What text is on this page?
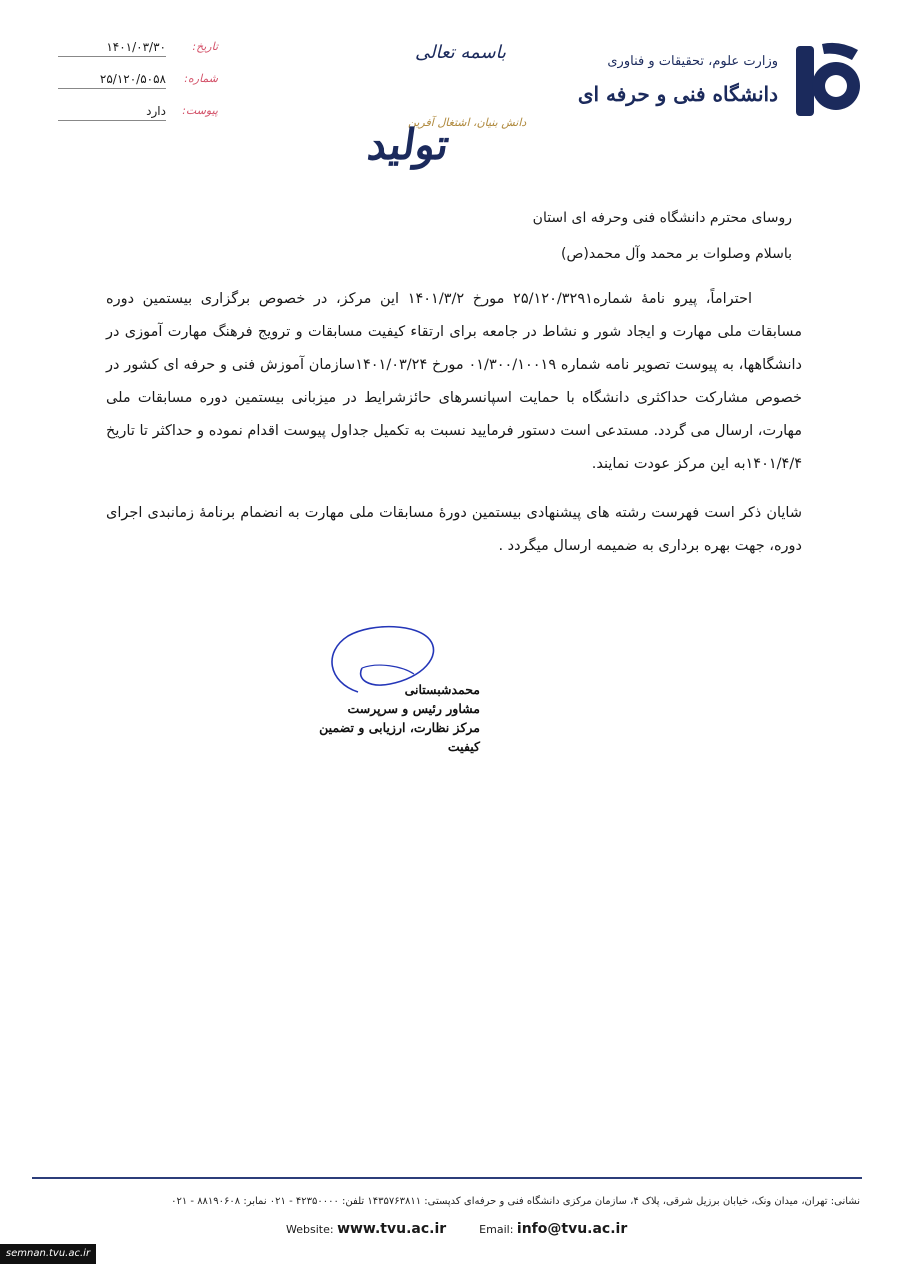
تاریخ:
۱۴۰۱/۰۳/۳۰
شماره:
۲۵/۱۲۰/۵۰۵۸
پیوست:
دارد
باسمه تعالی
دانش بنیان، اشتغال آفرین
تولید
وزارت علوم، تحقیقات و فناوری
دانشگاه فنی و حرفه ای
روسای محترم دانشگاه فنی وحرفه ای استان
باسلام وصلوات بر محمد وآل محمد(ص)

احتراماً، پیرو نامهٔ شماره۲۵/۱۲۰/۳۲۹۱ مورخ ۱۴۰۱/۳/۲ این مرکز، در خصوص برگزاری بیستمین دوره مسابقات ملی مهارت و ایجاد شور و نشاط در جامعه برای ارتقاء کیفیت مسابقات و ترویج فرهنگ مهارت آموزی در دانشگاهها، به پیوست تصویر نامه شماره ۰۱/۳۰۰/۱۰۰۱۹ مورخ ۱۴۰۱/۰۳/۲۴سازمان آموزش فنی و حرفه ای کشور در خصوص مشارکت حداکثری دانشگاه با حمایت اسپانسرهای حائزشرایط در میزبانی بیستمین دوره مسابقات ملی مهارت، ارسال می گردد. مستدعی است دستور فرمایید نسبت به تکمیل جداول پیوست اقدام نموده و حداکثر تا تاریخ ۱۴۰۱/۴/۴به این مرکز عودت نمایند.

شایان ذکر است فهرست رشته های پیشنهادی بیستمین دورهٔ مسابقات ملی مهارت به انضمام برنامهٔ زمانبدی اجرای دوره، جهت بهره برداری به ضمیمه ارسال میگردد .

محمدشبستانی
مشاور رئیس و سرپرست
مرکز نظارت، ارزیابی و تضمین کیفیت
نشانی: تهران، میدان ونک، خیابان برزیل شرقی، پلاک ۴، سازمان مرکزی دانشگاه فنی و حرفه‌ای کدپستی: ۱۴۳۵۷۶۳۸۱۱ تلفن: ۴۲۳۵۰۰۰۰ - ۰۲۱ نمابر: ۸۸۱۹۰۶۰۸ - ۰۲۱
Website: www.tvu.ac.ir	Email: info@tvu.ac.ir
semnan.tvu.ac.ir
